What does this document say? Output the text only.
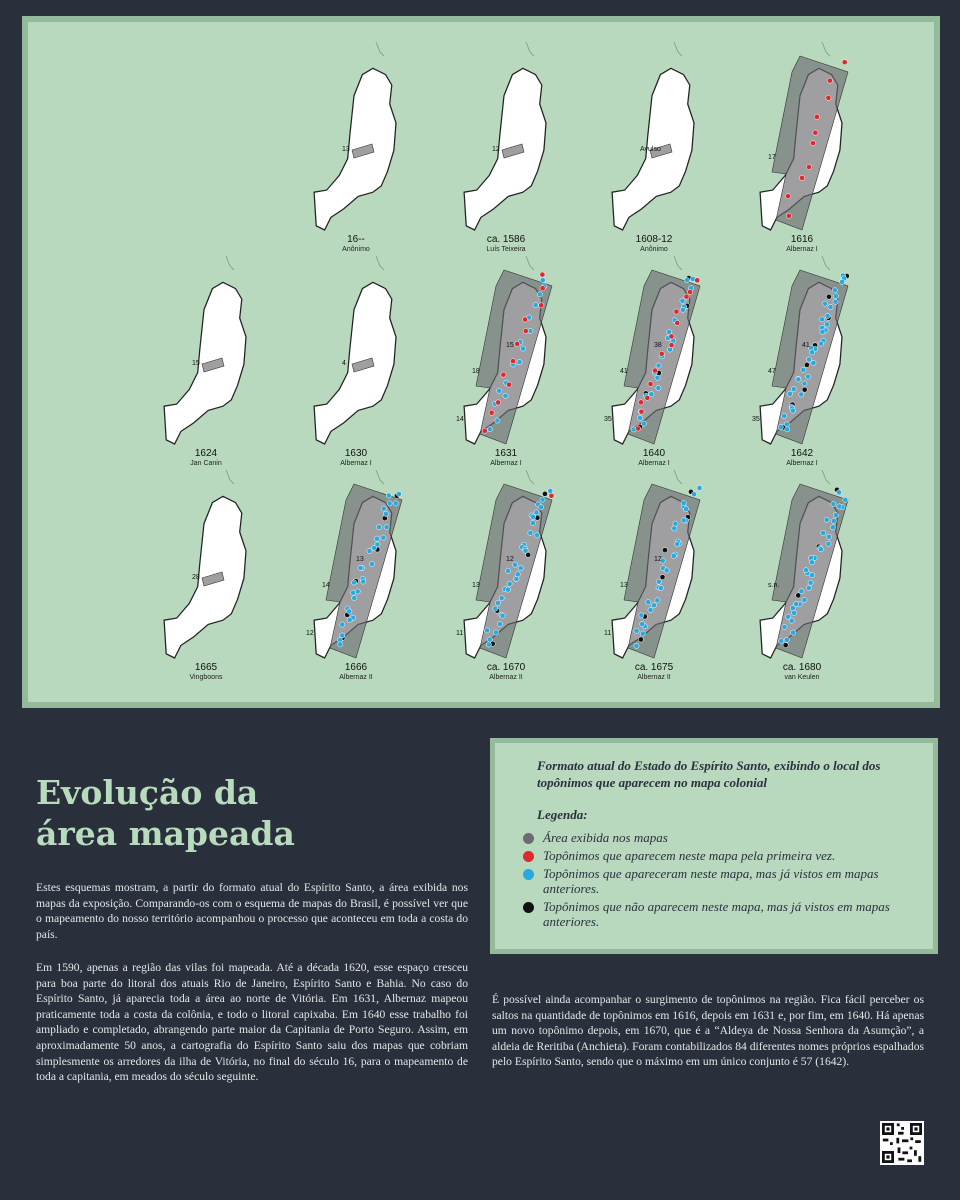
13
16--
Anônimo
12
ca. 1586
Luís Teixeira
Avulso
1608-12
Anônimo
17
1616
Albernaz I
15
1624
Jan Canin
4
1630
Albernaz I
18
15
14
1631
Albernaz I
41
38
35
1640
Albernaz I
47
41
35
1642
Albernaz I
28
1665
Vingboons
14
13
12
1666
Albernaz II
13
12
11
ca. 1670
Albernaz II
13
12
11
ca. 1675
Albernaz II
s.n.
ca. 1680
van Keulen
Evolução da
área mapeada
Estes esquemas mostram, a partir do formato atual do Espírito Santo, a área exibida nos mapas da exposição. Comparando-os com o esquema de mapas do Brasil, é possível ver que o mapeamento do nosso território acompanhou o processo que aconteceu em toda a costa do país.
Em 1590, apenas a região das vilas foi mapeada. Até a década 1620, esse espaço cresceu para boa parte do litoral dos atuais Rio de Janeiro, Espírito Santo e Bahia. No caso do Espírito Santo, já aparecia toda a área ao norte de Vitória. Em 1631, Albernaz mapeou praticamente toda a costa da colônia, e todo o litoral capixaba. Em 1640 esse trabalho foi ampliado e completado, abrangendo parte maior da Capitania de Porto Seguro. Assim, em aproximadamente 50 anos, a cartografia do Espírito Santo saiu dos mapas que cobriam simplesmente os arredores da ilha de Vitória, no final do século 16, para o mapeamento de toda a capitania, em meados do século seguinte.
É possível ainda acompanhar o surgimento de topônimos na região. Fica fácil perceber os saltos na quantidade de topônimos em 1616, depois em 1631 e, por fim, em 1640. Há apenas um novo topônimo depois, em 1670, que é a “Aldeya de Nossa Senhora da Asumção”, a aldeia de Reritiba (Anchieta). Foram contabilizados 84 diferentes nomes próprios espalhados pelo Espírito Santo, sendo que o máximo em um único conjunto é 57 (1642).
Formato atual do Estado do Espírito Santo, exibindo o local dos topônimos que aparecem no mapa colonial
Legenda:
Área exibida nos mapas
Topônimos que aparecem neste mapa pela primeira vez.
Topônimos que apareceram neste mapa, mas já vistos em mapas anteriores.
Topônimos que não aparecem neste mapa, mas já vistos em mapas anteriores.
